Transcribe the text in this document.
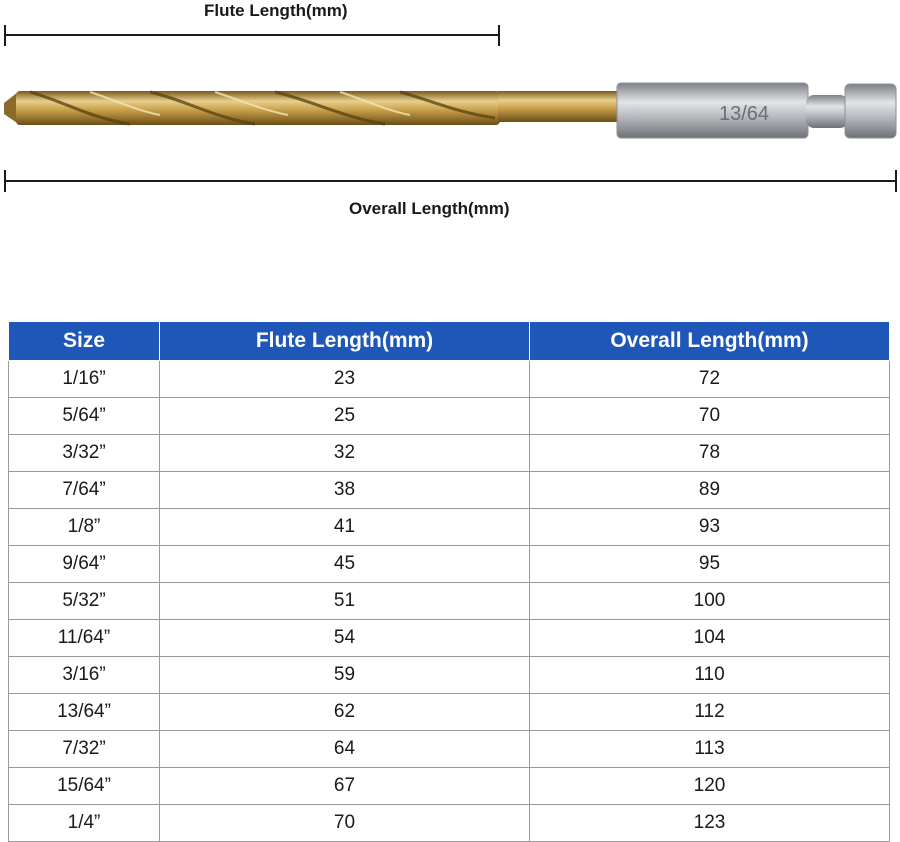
Flute Length(mm)
Overall Length(mm)
13/64
Size	Flute Length(mm)	Overall Length(mm)
1/16”	23	72
5/64”	25	70
3/32”	32	78
7/64”	38	89
1/8”	41	93
9/64”	45	95
5/32”	51	100
11/64”	54	104
3/16”	59	110
13/64”	62	112
7/32”	64	113
15/64”	67	120
1/4”	70	123
